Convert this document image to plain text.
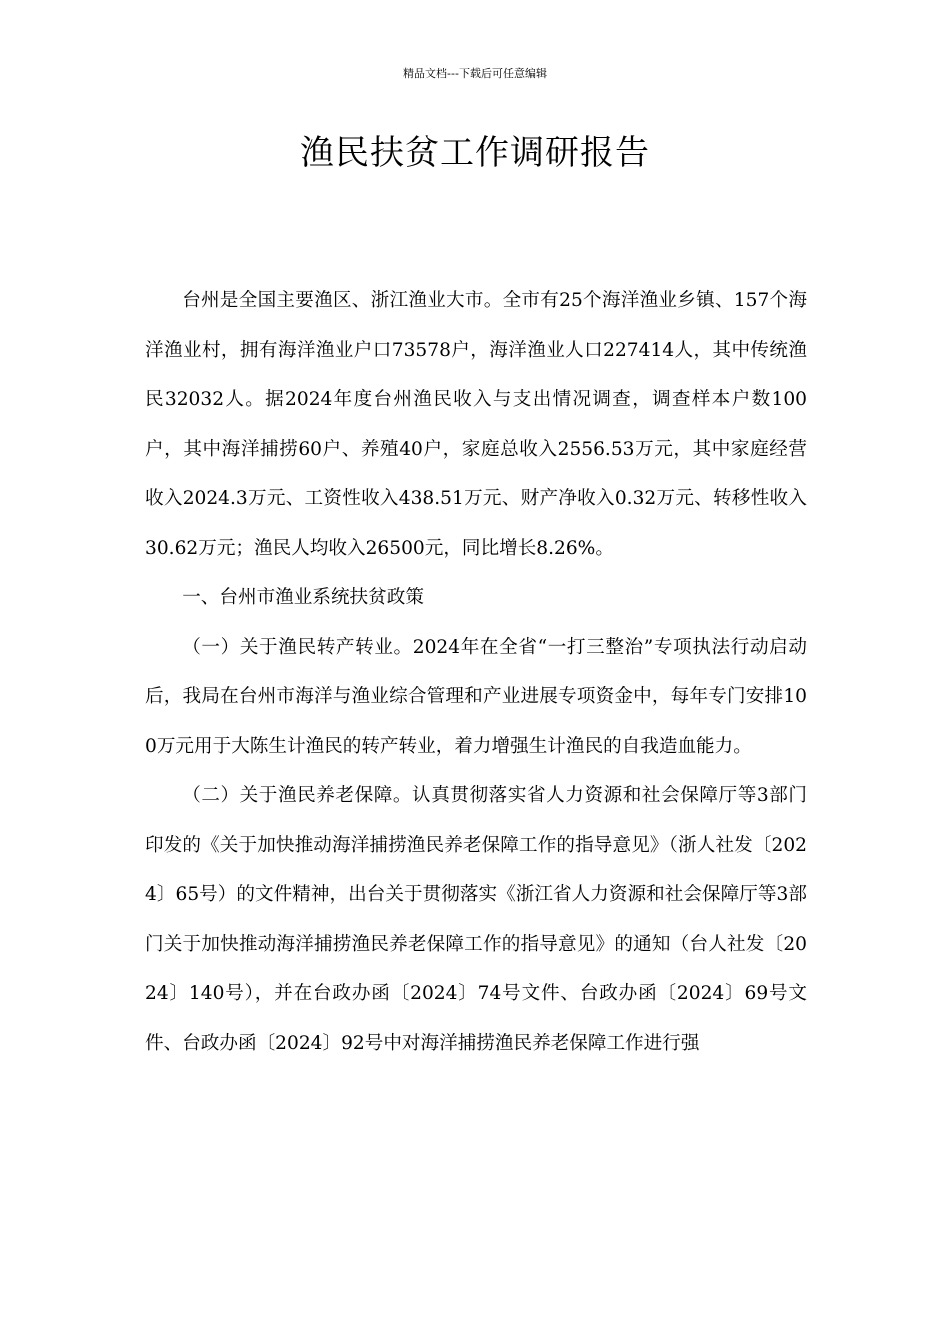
精品文档---下载后可任意编辑
渔民扶贫工作调研报告

台州是全国主要渔区、浙江渔业大市。全市有25个海洋渔业乡镇、157个海洋渔业村，拥有海洋渔业户口73578户，海洋渔业人口227414人，其中传统渔民32032人。据2024年度台州渔民收入与支出情况调查，调查样本户数100户，其中海洋捕捞60户、养殖40户，家庭总收入2556.53万元，其中家庭经营收入2024.3万元、工资性收入438.51万元、财产净收入0.32万元、转移性收入30.62万元；渔民人均收入26500元，同比增长8.26%。

一、台州市渔业系统扶贫政策

（一）关于渔民转产转业。2024年在全省“一打三整治”专项执法行动启动后，我局在台州市海洋与渔业综合管理和产业进展专项资金中，每年专门安排100万元用于大陈生计渔民的转产转业，着力增强生计渔民的自我造血能力。

（二）关于渔民养老保障。认真贯彻落实省人力资源和社会保障厅等3部门印发的《关于加快推动海洋捕捞渔民养老保障工作的指导意见》（浙人社发〔2024〕65号）的文件精神，出台关于贯彻落实《浙江省人力资源和社会保障厅等3部门关于加快推动海洋捕捞渔民养老保障工作的指导意见》的通知（台人社发〔2024〕140号），并在台政办函〔2024〕74号文件、台政办函〔2024〕69号文件、台政办函〔2024〕92号中对海洋捕捞渔民养老保障工作进行强
